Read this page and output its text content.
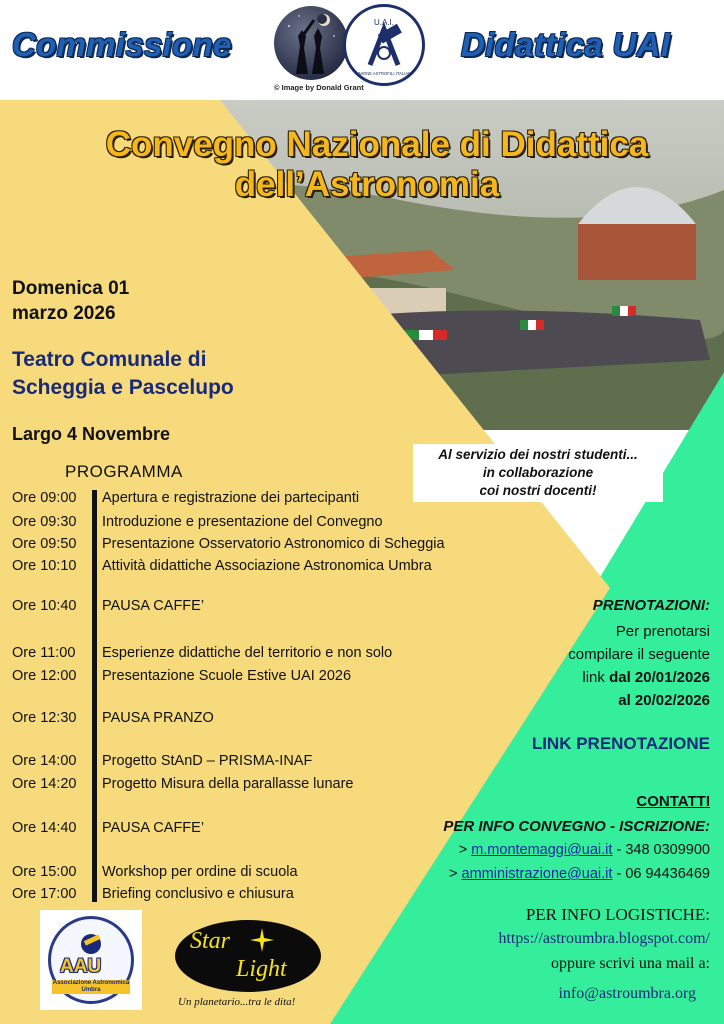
Commissione
U.A.I.
UNIONE ASTROFILI ITALIANI
© Image by Donald Grant
Didattica UAI
Convegno Nazionale di Didattica
dell’Astronomia
Domenica 01
marzo 2026
Teatro Comunale di
Scheggia e Pascelupo
Largo 4 Novembre
Al servizio dei nostri studenti...
in collaborazione
coi nostri docenti!
PROGRAMMA
Ore 09:00 Apertura e registrazione dei partecipanti
Ore 09:30 Introduzione e presentazione del Convegno
Ore 09:50 Presentazione Osservatorio Astronomico di Scheggia
Ore 10:10 Attività didattiche Associazione Astronomica Umbra
Ore 10:40 PAUSA CAFFE’
Ore 11:00 Esperienze didattiche del territorio e non solo
Ore 12:00 Presentazione Scuole Estive UAI 2026
Ore 12:30 PAUSA PRANZO
Ore 14:00 Progetto StAnD – PRISMA-INAF
Ore 14:20 Progetto Misura della parallasse lunare
Ore 14:40 PAUSA CAFFE’
Ore 15:00 Workshop per ordine di scuola
Ore 17:00 Briefing conclusivo e chiusura
PRENOTAZIONI:
Per prenotarsi
compilare il seguente
link dal 20/01/2026
al 20/02/2026
LINK PRENOTAZIONE
CONTATTI
PER INFO CONVEGNO - ISCRIZIONE:
> m.montemaggi@uai.it - 348 0309900
> amministrazione@uai.it - 06 94436469
PER INFO LOGISTICHE:
https://astroumbra.blogspot.com/
oppure scrivi una mail a:
info@astroumbra.org
AAU
Associazione Astronomica Umbra
Star
Light
Un planetario...tra le dita!
